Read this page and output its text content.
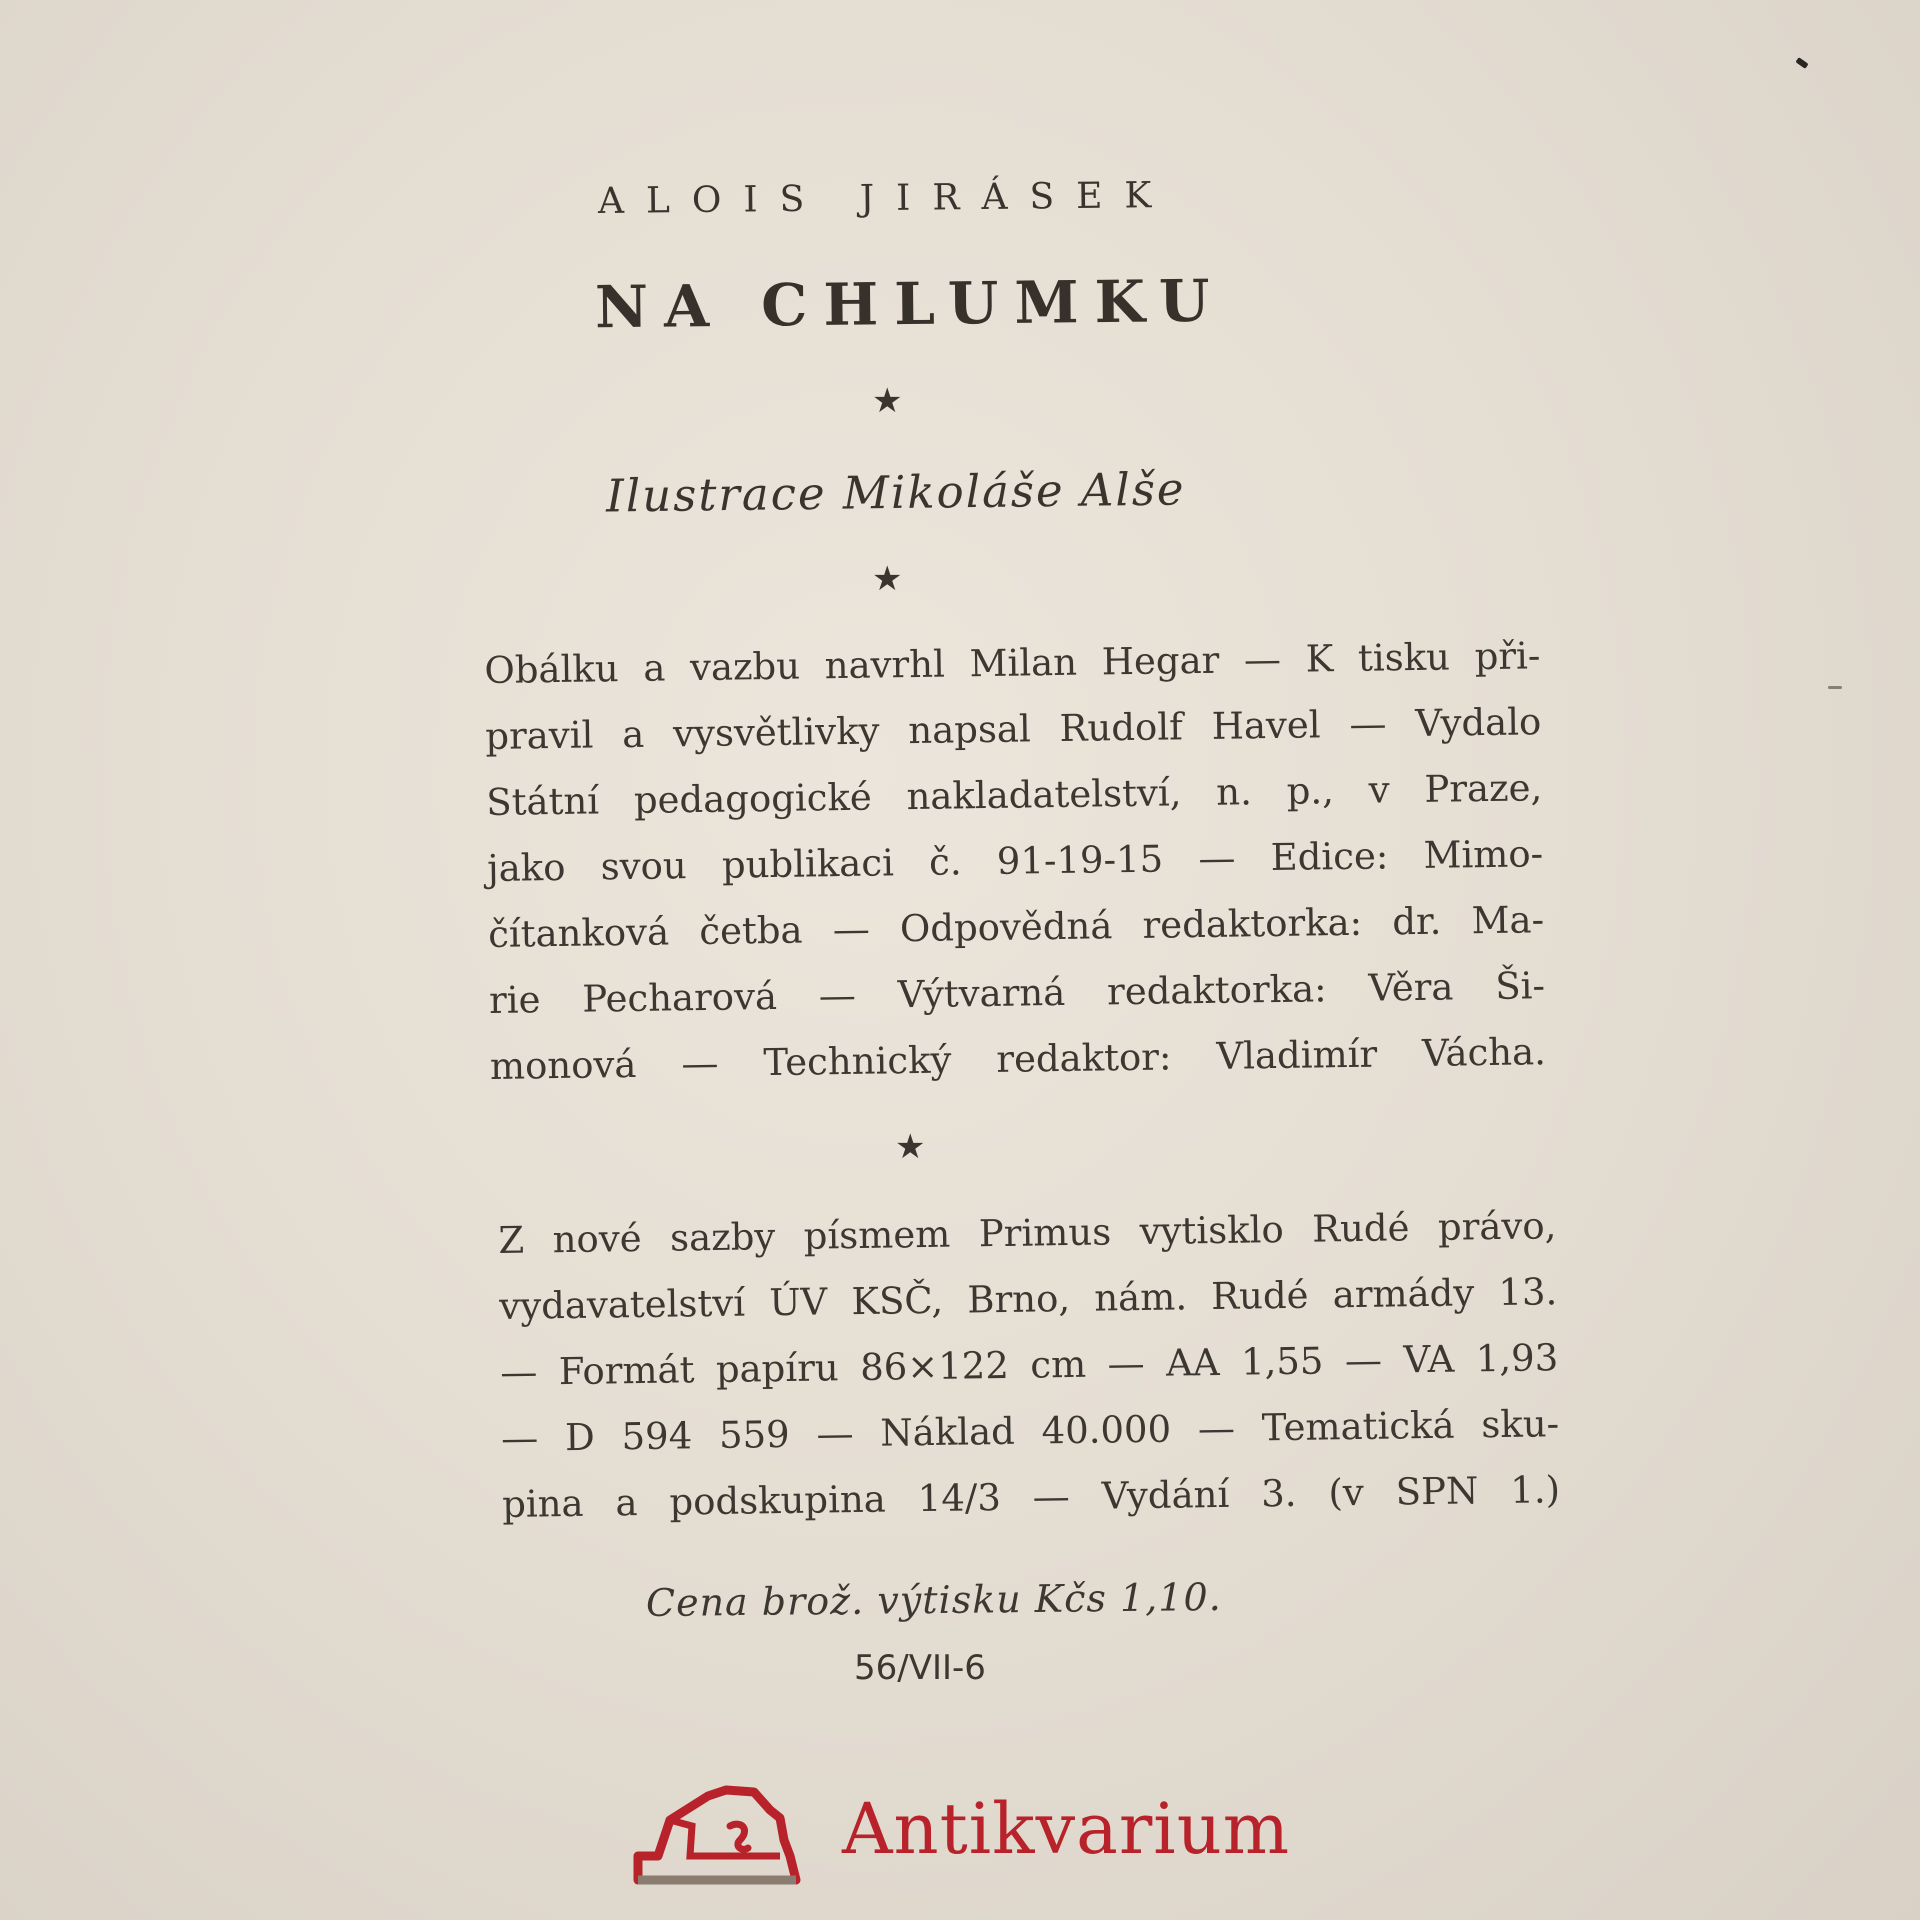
ALOIS JIRÁSEK
NA CHLUMKU
★
Ilustrace Mikoláše Alše
★
Obálku a vazbu navrhl Milan Hegar — K tisku při-
pravil a vysvětlivky napsal Rudolf Havel — Vydalo
Státní pedagogické nakladatelství, n. p., v Praze,
jako svou publikaci č. 91-19-15 — Edice: Mimo-
čítanková četba — Odpovědná redaktorka: dr. Ma-
rie Pecharová — Výtvarná redaktorka: Věra Ši-
monová — Technický redaktor: Vladimír Vácha.
★
Z nové sazby písmem Primus vytisklo Rudé právo,
vydavatelství ÚV KSČ, Brno, nám. Rudé armády 13.
— Formát papíru 86×122 cm — AA 1,55 — VA 1,93
— D 594 559 — Náklad 40.000 — Tematická sku-
pina a podskupina 14/3 — Vydání 3. (v SPN 1.)
Cena brož. výtisku Kčs 1,10.
56/VII-6
Antikvarium
